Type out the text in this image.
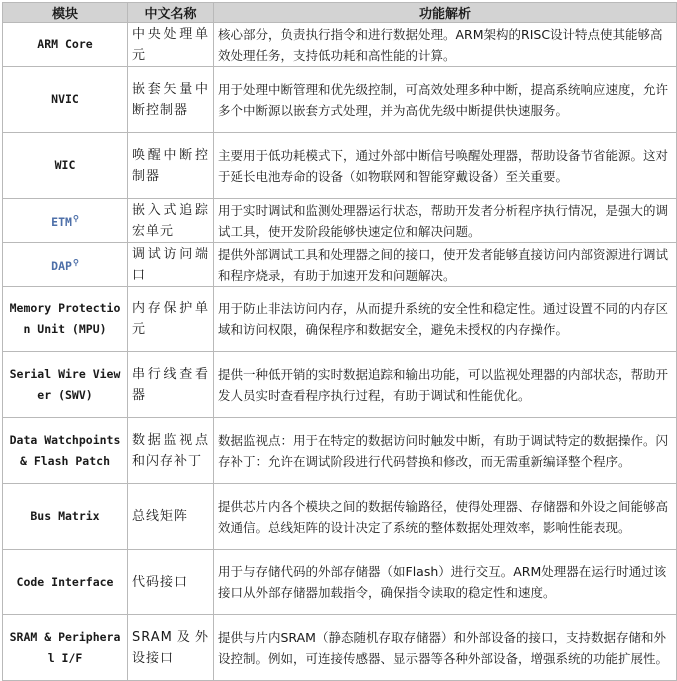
模块	中文名称	功能解析
ARM Core	中央处理单元	核心部分，负责执行指令和进行数据处理。ARM架构的RISC设计特点使其能够高效处理任务，支持低功耗和高性能的计算。
NVIC	嵌套矢量中断控制器	用于处理中断管理和优先级控制，可高效处理多种中断，提高系统响应速度，允许多个中断源以嵌套方式处理，并为高优先级中断提供快速服务。
WIC	唤醒中断控制器	主要用于低功耗模式下，通过外部中断信号唤醒处理器，帮助设备节省能源。这对于延长电池寿命的设备（如物联网和智能穿戴设备）至关重要。
ETM⚲	嵌入式追踪宏单元	用于实时调试和监测处理器运行状态，帮助开发者分析程序执行情况，是强大的调试工具，使开发阶段能够快速定位和解决问题。
DAP⚲	调试访问端口	提供外部调试工具和处理器之间的接口，使开发者能够直接访问内部资源进行调试和程序烧录，有助于加速开发和问题解决。
Memory Protection Unit (MPU)	内存保护单元	用于防止非法访问内存，从而提升系统的安全性和稳定性。通过设置不同的内存区域和访问权限，确保程序和数据安全，避免未授权的内存操作。
Serial Wire Viewer (SWV)	串行线查看器	提供一种低开销的实时数据追踪和输出功能，可以监视处理器的内部状态，帮助开发人员实时查看程序执行过程，有助于调试和性能优化。
Data Watchpoints & Flash Patch	数据监视点和闪存补丁	数据监视点：用于在特定的数据访问时触发中断，有助于调试特定的数据操作。闪存补丁：允许在调试阶段进行代码替换和修改，而无需重新编译整个程序。
Bus Matrix	总线矩阵	提供芯片内各个模块之间的数据传输路径，使得处理器、存储器和外设之间能够高效通信。总线矩阵的设计决定了系统的整体数据处理效率，影响性能表现。
Code Interface	代码接口	用于与存储代码的外部存储器（如Flash）进行交互。ARM处理器在运行时通过该接口从外部存储器加载指令，确保指令读取的稳定性和速度。
SRAM & Peripheral I/F	SRAM及外设接口	提供与片内SRAM（静态随机存取存储器）和外部设备的接口，支持数据存储和外设控制。例如，可连接传感器、显示器等各种外部设备，增强系统的功能扩展性。
